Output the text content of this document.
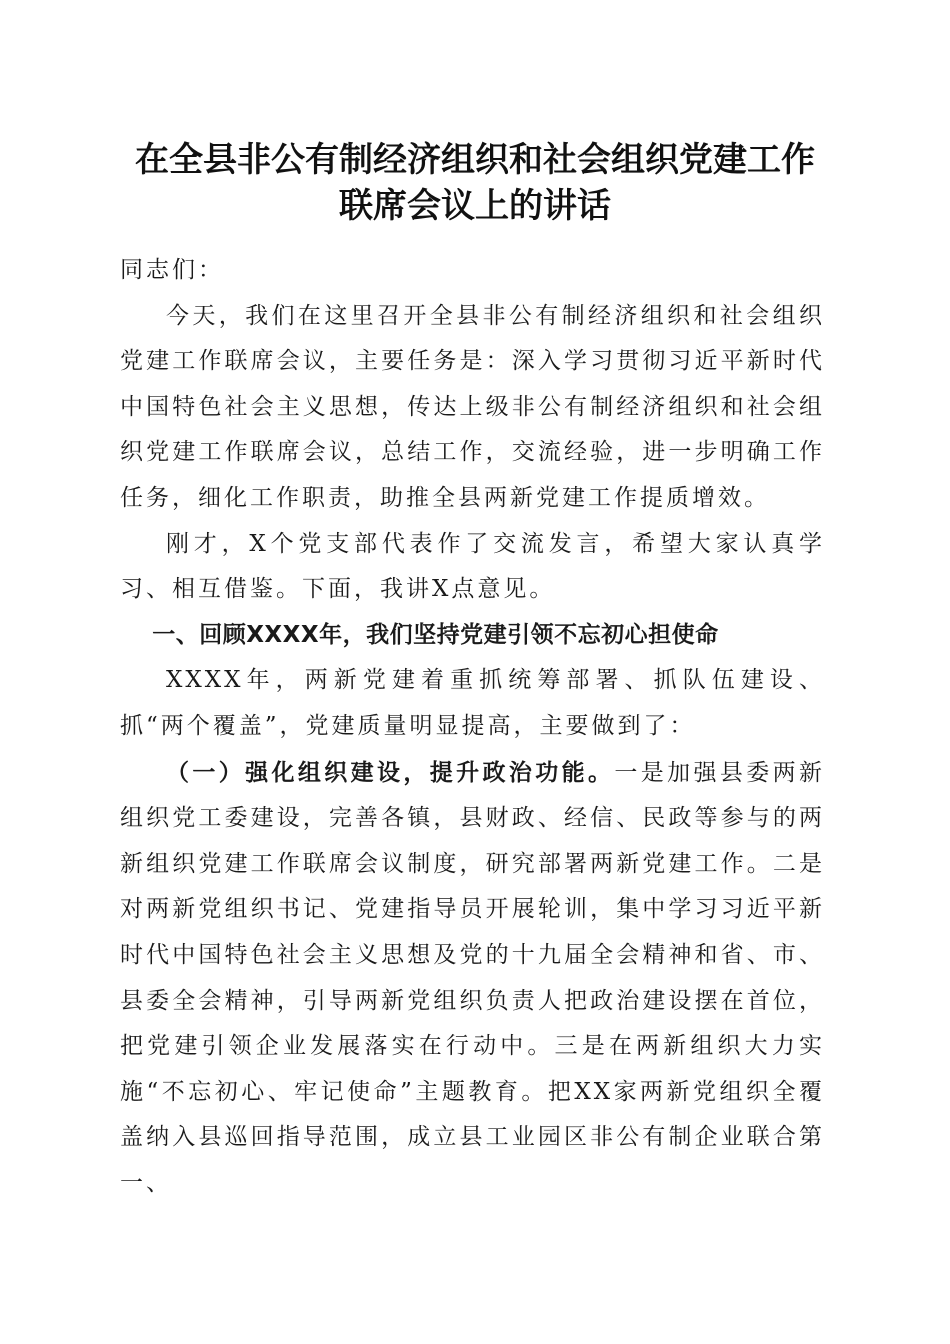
在全县非公有制经济组织和社会组织党建工作
联席会议上的讲话

同志们：

今天，我们在这里召开全县非公有制经济组织和社会组织党建工作联席会议，主要任务是：深入学习贯彻习近平新时代中国特色社会主义思想，传达上级非公有制经济组织和社会组织党建工作联席会议，总结工作，交流经验，进一步明确工作任务，细化工作职责，助推全县两新党建工作提质增效。

刚才，X个党支部代表作了交流发言，希望大家认真学习、相互借鉴。下面，我讲X点意见。

一、回顾XXXX年，我们坚持党建引领不忘初心担使命

XXXX年，两新党建着重抓统筹部署、抓队伍建设、抓“两个覆盖”，党建质量明显提高，主要做到了：

（一）强化组织建设，提升政治功能。一是加强县委两新组织党工委建设，完善各镇，县财政、经信、民政等参与的两新组织党建工作联席会议制度，研究部署两新党建工作。二是对两新党组织书记、党建指导员开展轮训，集中学习习近平新时代中国特色社会主义思想及党的十九届全会精神和省、市、县委全会精神，引导两新党组织负责人把政治建设摆在首位，把党建引领企业发展落实在行动中。三是在两新组织大力实施“不忘初心、牢记使命”主题教育。把XX家两新党组织全覆盖纳入县巡回指导范围，成立县工业园区非公有制企业联合第一、
